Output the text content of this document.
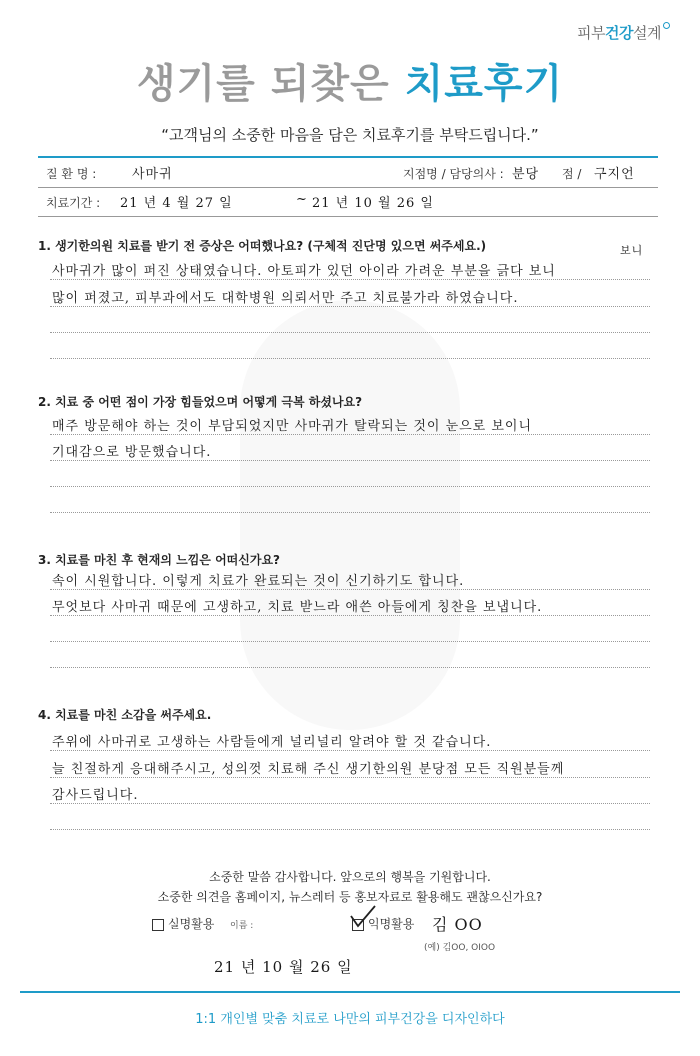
피부건강설계
생기를 되찾은 치료후기
“고객님의 소중한 마음을 담은 치료후기를 부탁드립니다.”
질 환 명 :	사마귀	지점명 / 담당의사 : 분당 점 / 구지언
치료기간 : 21 년 4 월 27 일	~ 21 년 10 월 26 일
1. 생기한의원 치료를 받기 전 증상은 어떠했나요? (구체적 진단명 있으면 써주세요.)
사마귀가 많이 퍼진 상태였습니다. 아토피가 있던 아이라 가려운 부분을 긁다 보니
보니
많이 퍼졌고, 피부과에서도 대학병원 의뢰서만 주고 치료불가라 하였습니다.
2. 치료 중 어떤 점이 가장 힘들었으며 어떻게 극복 하셨나요?
매주 방문해야 하는 것이 부담되었지만 사마귀가 탈락되는 것이 눈으로 보이니
기대감으로 방문했습니다.
3. 치료를 마친 후 현재의 느낌은 어떠신가요?
속이 시원합니다. 이렇게 치료가 완료되는 것이 신기하기도 합니다.
무엇보다 사마귀 때문에 고생하고, 치료 받느라 애쓴 아들에게 칭찬을 보냅니다.
4. 치료를 마친 소감을 써주세요.
주위에 사마귀로 고생하는 사람들에게 널리널리 알려야 할 것 같습니다.
늘 친절하게 응대해주시고, 성의껏 치료해 주신 생기한의원 분당점 모든 직원분들께
감사드립니다.
소중한 말씀 감사합니다. 앞으로의 행복을 기원합니다.
소중한 의견을 홈페이지, 뉴스레터 등 홍보자료로 활용해도 괜찮으신가요?
실명활용 이름 :	익명활용 김 OO
(예) 김OO, OIOO
21 년 10 월 26 일
1:1 개인별 맞춤 치료로 나만의 피부건강을 디자인하다
